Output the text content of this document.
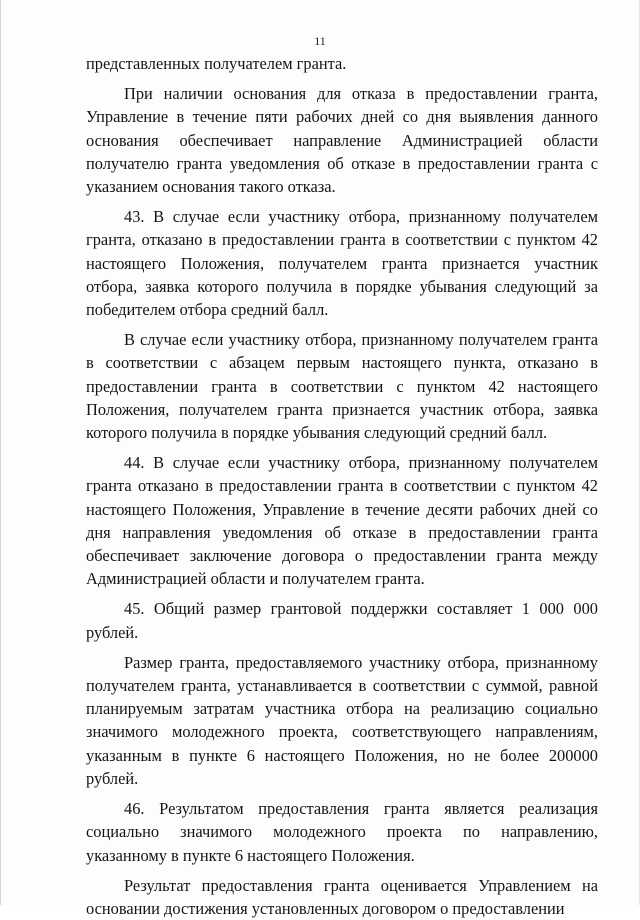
11

представленных получателем гранта.

При наличии основания для отказа в предоставлении гранта, Управление в течение пяти рабочих дней со дня выявления данного основания обеспечивает направление Администрацией области получателю гранта уведомления об отказе в предоставлении гранта с указанием основания такого отказа.

43. В случае если участнику отбора, признанному получателем гранта, отказано в предоставлении гранта в соответствии с пунктом 42 настоящего Положения, получателем гранта признается участник отбора, заявка которого получила в порядке убывания следующий за победителем отбора средний балл.

В случае если участнику отбора, признанному получателем гранта в соответствии с абзацем первым настоящего пункта, отказано в предоставлении гранта в соответствии с пунктом 42 настоящего Положения, получателем гранта признается участник отбора, заявка которого получила в порядке убывания следующий средний балл.

44. В случае если участнику отбора, признанному получателем гранта отказано в предоставлении гранта в соответствии с пунктом 42 настоящего Положения, Управление в течение десяти рабочих дней со дня направления уведомления об отказе в предоставлении гранта обеспечивает заключение договора о предоставлении гранта между Администрацией области и получателем гранта.

45. Общий размер грантовой поддержки составляет 1 000 000 рублей.

Размер гранта, предоставляемого участнику отбора, признанному получателем гранта, устанавливается в соответствии с суммой, равной планируемым затратам участника отбора на реализацию социально значимого молодежного проекта, соответствующего направлениям, указанным в пункте 6 настоящего Положения, но не более 200000 рублей.

46. Результатом предоставления гранта является реализация социально значимого молодежного проекта по направлению, указанному в пункте 6 настоящего Положения.

Результат предоставления гранта оценивается Управлением на основании достижения установленных договором о предоставлении
